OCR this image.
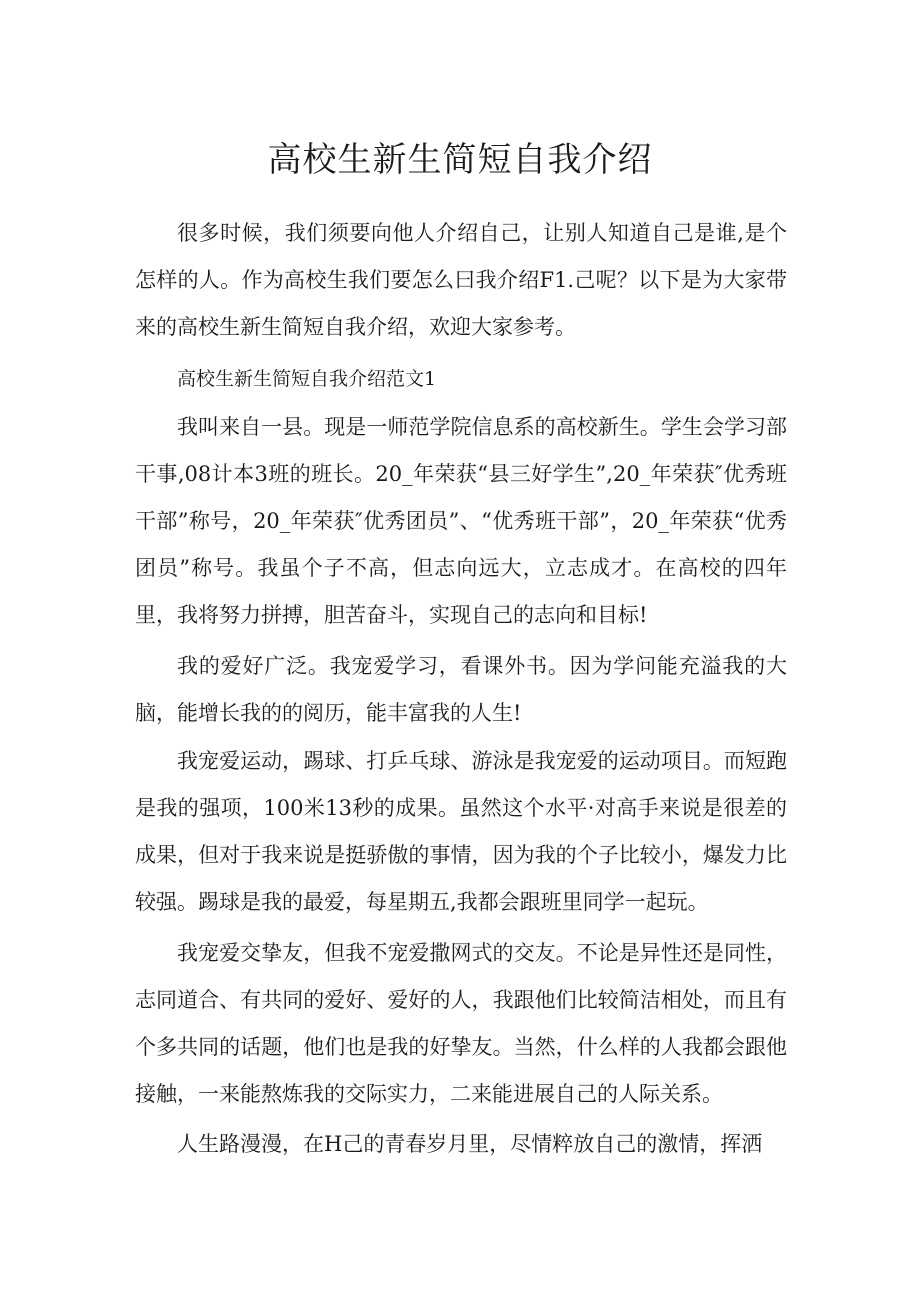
高校生新生简短自我介绍

很多时候，我们须要向他人介绍自己，让别人知道自己是谁,是个怎样的人。作为高校生我们要怎么曰我介绍F1.己呢？以下是为大家带来的高校生新生简短自我介绍，欢迎大家参考。

高校生新生简短自我介绍范文1

我叫来自一县。现是一师范学院信息系的高校新生。学生会学习部干事,08计本3班的班长。20_年荣获“县三好学生”,20_年荣获″优秀班干部”称号，20_年荣获″优秀团员”、“优秀班干部”，20_年荣获“优秀团员”称号。我虽个子不高，但志向远大，立志成才。在高校的四年里，我将努力拼搏，胆苦奋斗，实现自己的志向和目标!

我的爱好广泛。我宠爱学习，看课外书。因为学问能充溢我的大脑，能增长我的的阅历，能丰富我的人生!

我宠爱运动，踢球、打乒乓球、游泳是我宠爱的运动项目。而短跑是我的强项，100米13秒的成果。虽然这个水平·对高手来说是很差的成果，但对于我来说是挺骄傲的事情，因为我的个子比较小，爆发力比较强。踢球是我的最爱，每星期五,我都会跟班里同学一起玩。

我宠爱交挚友，但我不宠爱撒网式的交友。不论是异性还是同性，志同道合、有共同的爱好、爱好的人，我跟他们比较简洁相处，而且有个多共同的话题，他们也是我的好挚友。当然，什么样的人我都会跟他接触，一来能熬炼我的交际实力，二来能进展自己的人际关系。

人生路漫漫，在H己的青春岁月里，尽情粹放自己的激情，挥洒
